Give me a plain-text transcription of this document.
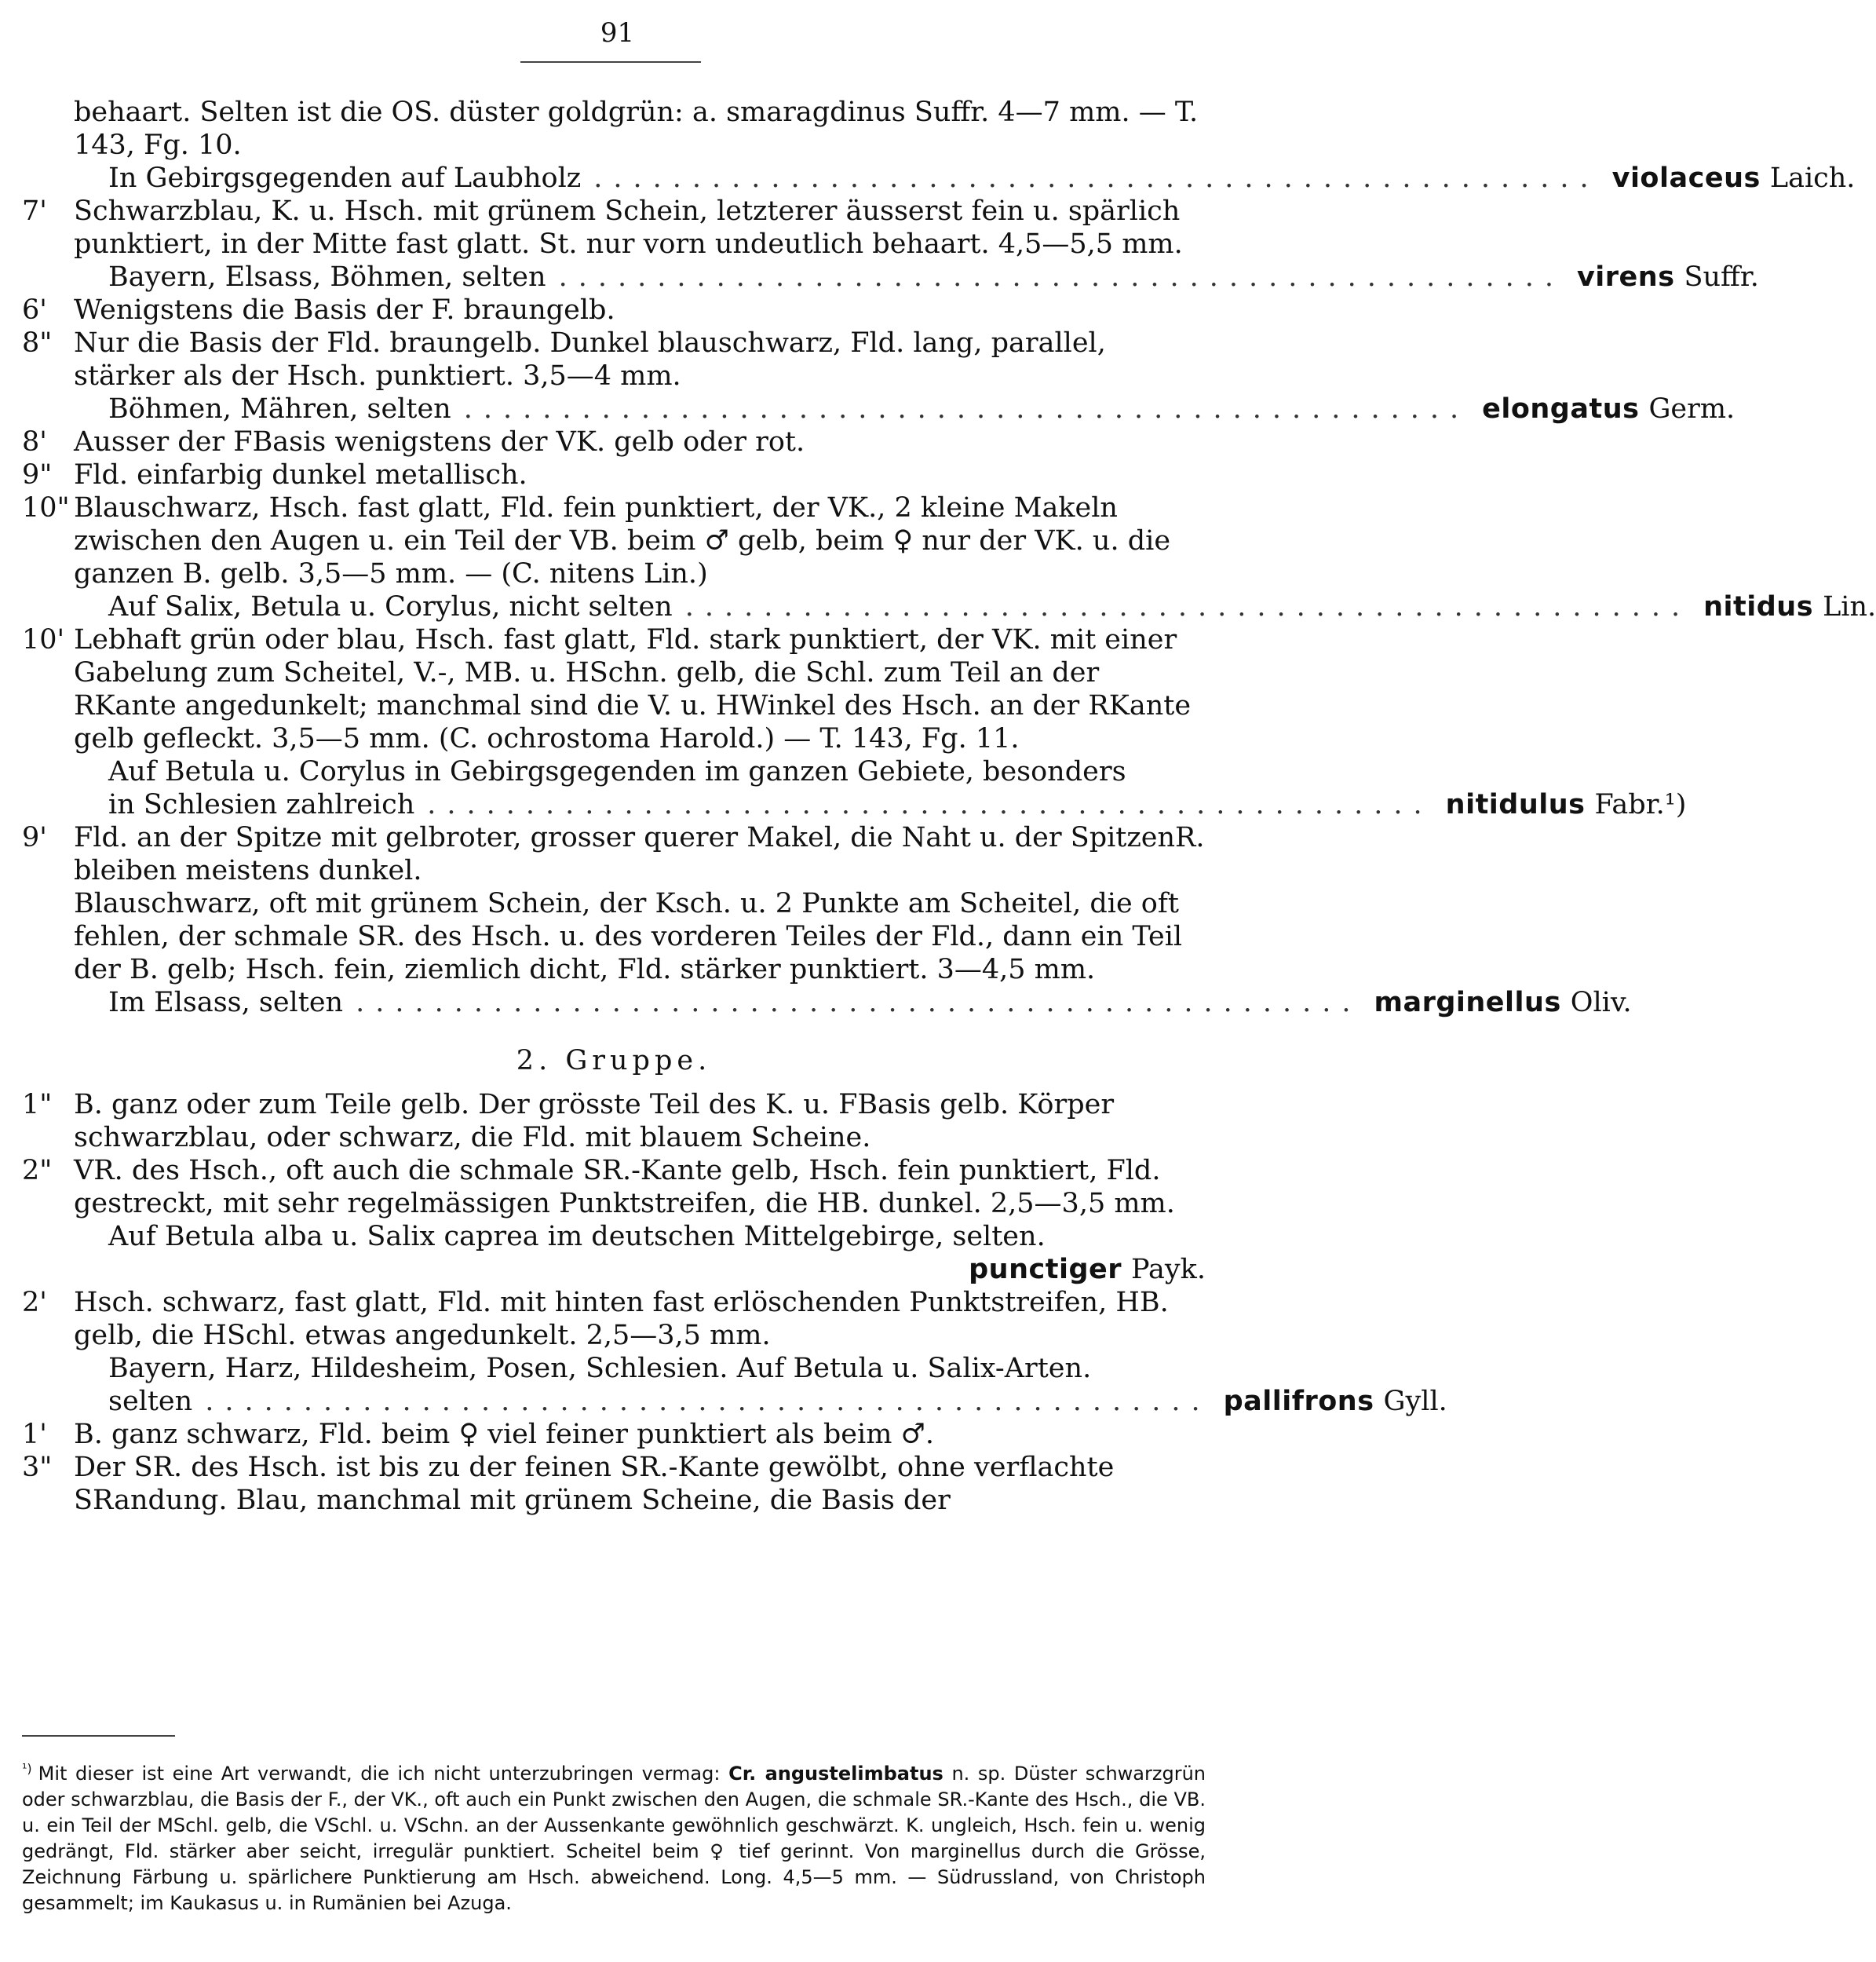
91
behaart. Selten ist die OS. düster goldgrün: a. smaragdinus Suffr. 4—7 mm. — T. 143, Fg. 10.
In Gebirgsgegenden auf Laubholz ................................................... violaceus Laich.
7' Schwarzblau, K. u. Hsch. mit grünem Schein, letzterer äusserst fein u. spärlich punktiert, in der Mitte fast glatt. St. nur vorn undeutlich behaart. 4,5—5,5 mm.
Bayern, Elsass, Böhmen, selten ................................................... virens Suffr.
6' Wenigstens die Basis der F. braungelb.
8" Nur die Basis der Fld. braungelb. Dunkel blauschwarz, Fld. lang, parallel, stärker als der Hsch. punktiert. 3,5—4 mm.
Böhmen, Mähren, selten ................................................... elongatus Germ.
8' Ausser der FBasis wenigstens der VK. gelb oder rot.
9" Fld. einfarbig dunkel metallisch.
10" Blauschwarz, Hsch. fast glatt, Fld. fein punktiert, der VK., 2 kleine Makeln zwischen den Augen u. ein Teil der VB. beim ♂ gelb, beim ♀ nur der VK. u. die ganzen B. gelb. 3,5—5 mm. — (C. nitens Lin.)
Auf Salix, Betula u. Corylus, nicht selten ................................................... nitidus Lin.
10' Lebhaft grün oder blau, Hsch. fast glatt, Fld. stark punktiert, der VK. mit einer Gabelung zum Scheitel, V.-, MB. u. HSchn. gelb, die Schl. zum Teil an der RKante angedunkelt; manchmal sind die V. u. HWinkel des Hsch. an der RKante gelb gefleckt. 3,5—5 mm. (C. ochrostoma Harold.) — T. 143, Fg. 11.
Auf Betula u. Corylus in Gebirgsgegenden im ganzen Gebiete, besonders
in Schlesien zahlreich ................................................... nitidulus Fabr.¹)
9' Fld. an der Spitze mit gelbroter, grosser querer Makel, die Naht u. der SpitzenR. bleiben meistens dunkel.
Blauschwarz, oft mit grünem Schein, der Ksch. u. 2 Punkte am Scheitel, die oft fehlen, der schmale SR. des Hsch. u. des vorderen Teiles der Fld., dann ein Teil der B. gelb; Hsch. fein, ziemlich dicht, Fld. stärker punktiert. 3—4,5 mm.
Im Elsass, selten ................................................... marginellus Oliv.
2. Gruppe.
1" B. ganz oder zum Teile gelb. Der grösste Teil des K. u. FBasis gelb. Körper schwarzblau, oder schwarz, die Fld. mit blauem Scheine.
2" VR. des Hsch., oft auch die schmale SR.-Kante gelb, Hsch. fein punktiert, Fld. gestreckt, mit sehr regelmässigen Punktstreifen, die HB. dunkel. 2,5—3,5 mm.
Auf Betula alba u. Salix caprea im deutschen Mittelgebirge, selten.
punctiger Payk.
2' Hsch. schwarz, fast glatt, Fld. mit hinten fast erlöschenden Punktstreifen, HB. gelb, die HSchl. etwas angedunkelt. 2,5—3,5 mm.
Bayern, Harz, Hildesheim, Posen, Schlesien. Auf Betula u. Salix-Arten.
selten ................................................... pallifrons Gyll.
1' B. ganz schwarz, Fld. beim ♀ viel feiner punktiert als beim ♂.
3" Der SR. des Hsch. ist bis zu der feinen SR.-Kante gewölbt, ohne verflachte SRandung. Blau, manchmal mit grünem Scheine, die Basis der
$^{^1)}$ Mit dieser ist eine Art verwandt, die ich nicht unterzubringen vermag: Cr. angustelimbatus n. sp. Düster schwarzgrün oder schwarzblau, die Basis der F., der VK., oft auch ein Punkt zwischen den Augen, die schmale SR.-Kante des Hsch., die VB. u. ein Teil der MSchl. gelb, die VSchl. u. VSchn. an der Aussenkante gewöhnlich geschwärzt. K. ungleich, Hsch. fein u. wenig gedrängt, Fld. stärker aber seicht, irregulär punktiert. Scheitel beim ♀ tief gerinnt. Von marginellus durch die Grösse, Zeichnung Färbung u. spärlichere Punktierung am Hsch. abweichend. Long. 4,5—5 mm. — Südrussland, von Christoph gesammelt; im Kaukasus u. in Rumänien bei Azuga.
